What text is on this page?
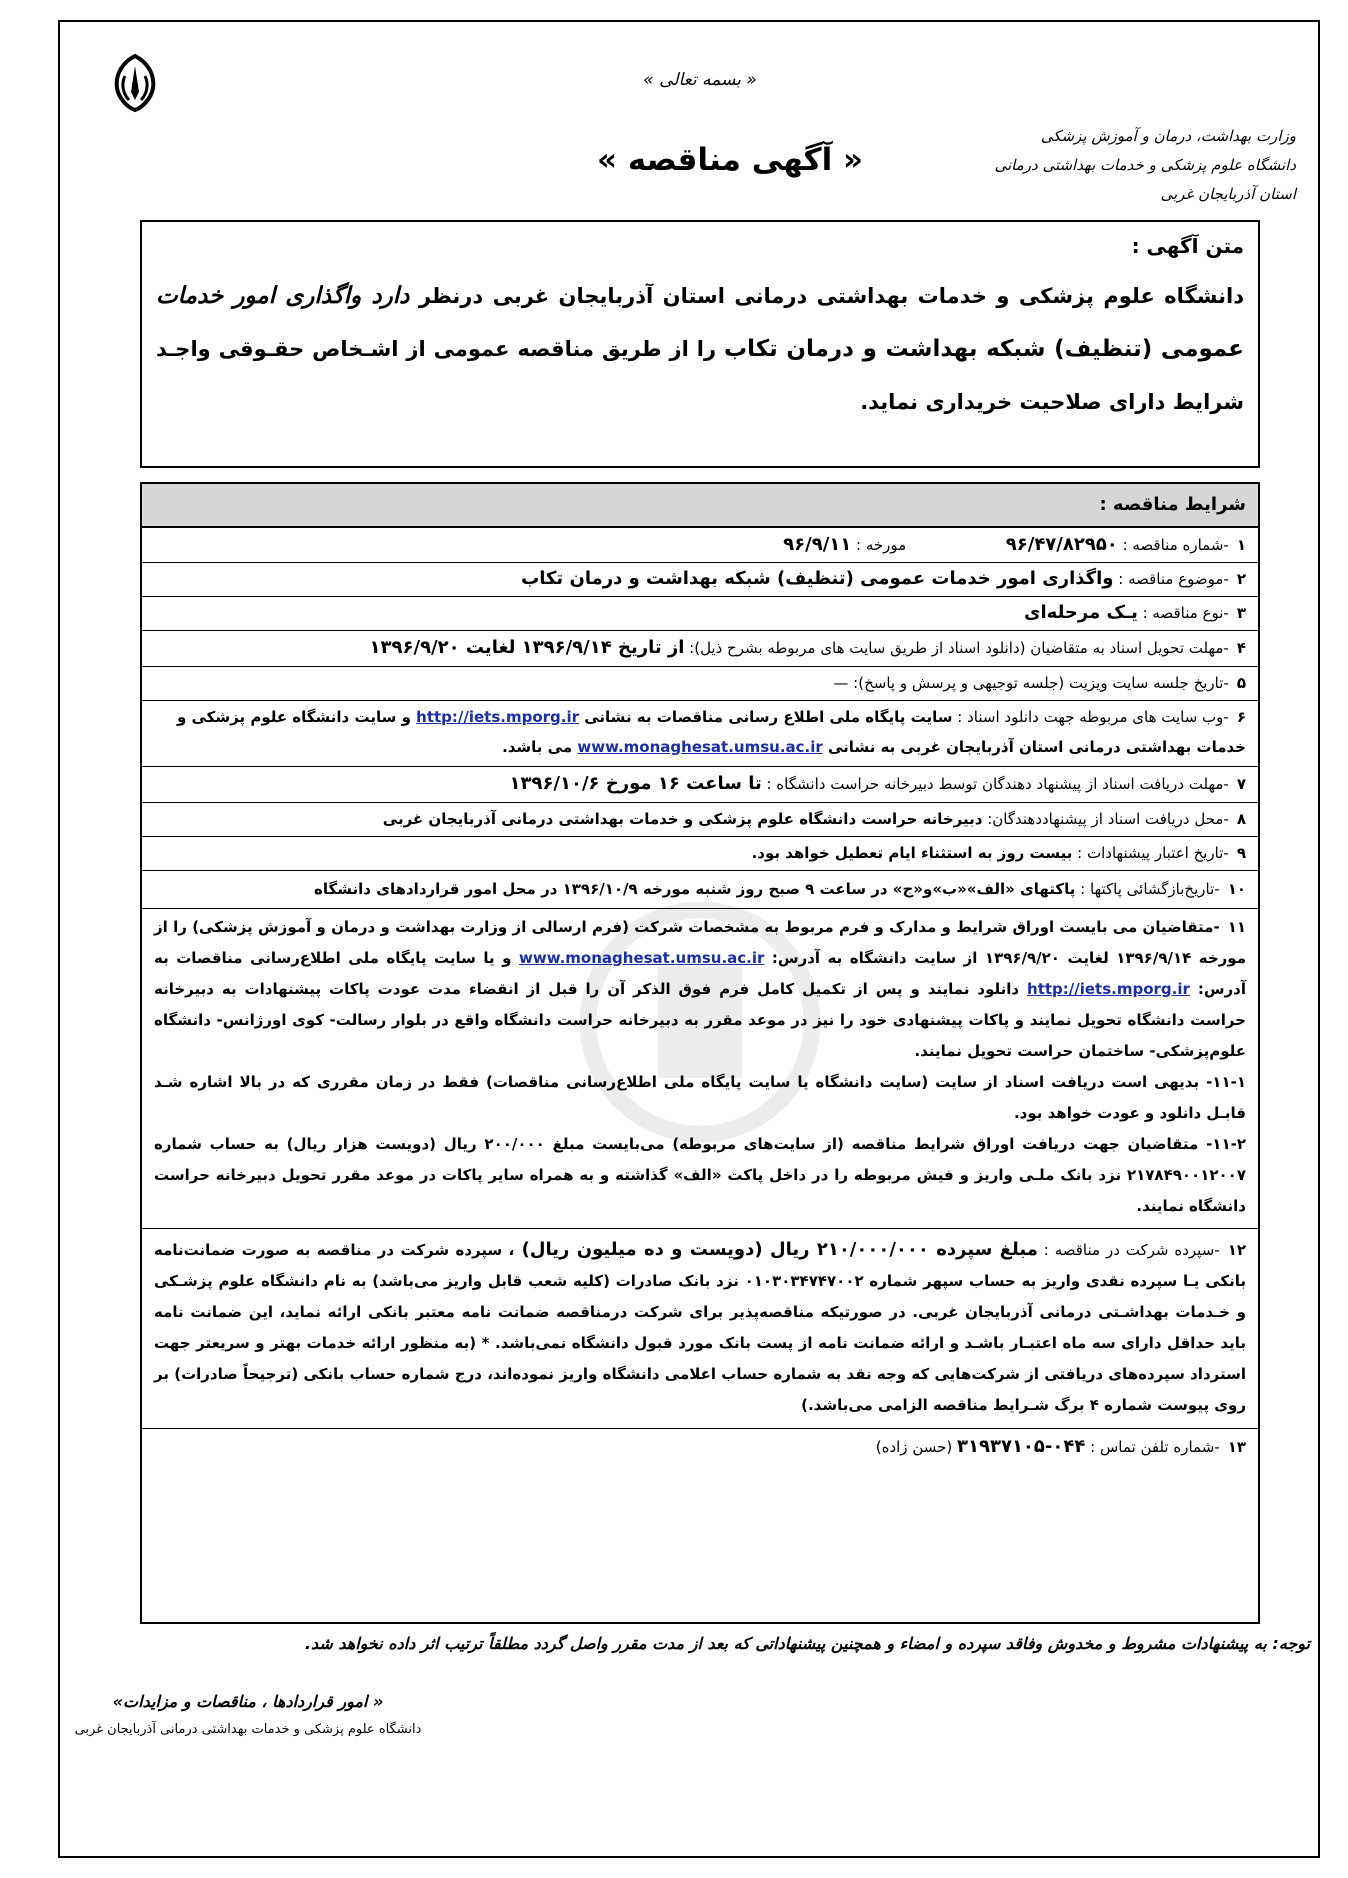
« بسمه تعالی »
« آگهی مناقصه »
وزارت بهداشت، درمان و آموزش پزشکی
دانشگاه علوم پزشکی و خدمات بهداشتی درمانی
استان آذربایجان غربی
متن آگهی :
دانشگاه علوم پزشکی و خدمات بهداشتی درمانی استان آذربایجان غربی درنظر دارد واگذاری امور خدمات عمومی (تنظیف) شبکه بهداشت و درمان تکاب را از طریق مناقصه عمومی از اشـخاص حقـوقی واجـد شرایط دارای صلاحیت خریداری نماید.
شرایط مناقصه :
۱-شماره مناقصه : ۹۶/۴۷/۸۲۹۵۰  مورخه : ۹۶/۹/۱۱
۲-موضوع مناقصه : واگذاری امور خدمات عمومی (تنظیف) شبکه بهداشت و درمان تکاب
۳-نوع مناقصه : یـک مرحله‌ای
۴-مهلت تحویل اسناد به متقاضیان (دانلود اسناد از طریق سایت های مربوطه بشرح ذیل): از تاریخ ۱۳۹۶/۹/۱۴ لغایت ۱۳۹۶/۹/۲۰
۵-تاریخ جلسه سایت ویزیت (جلسه توجیهی و پرسش و پاسخ): —
۶-وب سایت های مربوطه جهت دانلود اسناد : سایت پایگاه ملی اطلاع رسانی مناقصات به نشانی http://iets.mporg.ir و سایت دانشگاه علوم پزشکی و خدمات بهداشتی درمانی استان آذربایجان غربی به نشانی www.monaghesat.umsu.ac.ir می باشد.
۷-مهلت دریافت اسناد از پیشنهاد دهندگان توسط دبیرخانه حراست دانشگاه : تا ساعت ۱۶ مورخ ۱۳۹۶/۱۰/۶
۸-محل دریافت اسناد از پیشنهاددهندگان: دبیرخانه حراست دانشگاه علوم پزشکی و خدمات بهداشتی درمانی آذربایجان غربی
۹-تاریخ اعتبار پیشنهادات : بیست روز به استثناء ایام تعطیل خواهد بود.
۱۰-تاریخ‌بازگشائی پاکتها : پاکتهای «الف»«ب»و«ج» در ساعت ۹ صبح روز شنبه مورخه ۱۳۹۶/۱۰/۹ در محل امور قراردادهای دانشگاه
۱۱-متقاضیان می بایست اوراق شرایط و مدارک و فرم مربوط به مشخصات شرکت (فرم ارسالی از وزارت بهداشت و درمان و آموزش پزشکی) را از مورخه ۱۳۹۶/۹/۱۴ لغایت ۱۳۹۶/۹/۲۰ از سایت دانشگاه به آدرس: www.monaghesat.umsu.ac.ir و یا سایت پایگاه ملی اطلاع‌رسانی مناقصات به آدرس: http://iets.mporg.ir دانلود نمایند و پس از تکمیل کامل فرم فوق الذکر آن را قبل از انقضاء مدت عودت پاکات پیشنهادات به دبیرخانه حراست دانشگاه تحویل نمایند و پاکات پیشنهادی خود را نیز در موعد مقرر به دبیرخانه حراست دانشگاه واقع در بلوار رسالت- کوی اورژانس- دانشگاه علوم‌پزشکی- ساختمان حراست تحویل نمایند.
۱۱-۱- بدیهی است دریافت اسناد از سایت (سایت دانشگاه یا سایت پایگاه ملی اطلاع‌رسانی مناقصات) فقط در زمان مقرری که در بالا اشاره شـد قابـل دانلود و عودت خواهد بود.
۱۱-۲- متقاضیان جهت دریافت اوراق شرایط مناقصه (از سایت‌های مربوطه) می‌بایست مبلغ ۲۰۰/۰۰۰ ریال (دویست هزار ریال) به حساب شماره ۲۱۷۸۴۹۰۰۱۲۰۰۷ نزد بانک ملـی واریز و فیش مربوطه را در داخل پاکت «الف» گذاشته و به همراه سایر پاکات در موعد مقرر تحویل دبیرخانه حراست دانشگاه نمایند.
۱۲-سپرده شرکت در مناقصه : مبلغ سپرده ۲۱۰/۰۰۰/۰۰۰ ریال (دویست و ده میلیون ریال) ، سپرده شرکت در مناقصه به صورت ضمانت‌نامه بانکی یـا سپرده نقدی واریز به حساب سپهر شماره ۰۱۰۳۰۳۴۷۴۷۰۰۲ نزد بانک صادرات (کلیه شعب قابل واریز می‌باشد) به نام دانشگاه علوم پزشـکی و خـدمات بهداشـتی درمانی آذربایجان غربی. در صورتیکه مناقصه‌پذیر برای شرکت درمناقصه ضمانت نامه معتبر بانکی ارائه نماید، این ضمانت نامه باید حداقل دارای سه ماه اعتبـار باشـد و ارائه ضمانت نامه از پست بانک مورد قبول دانشگاه نمی‌باشد. * (به منظور ارائه خدمات بهتر و سریعتر جهت استرداد سپرده‌های دریافتی از شرکت‌هایی که وجه نقد به شماره حساب اعلامی دانشگاه واریز نموده‌اند، درج شماره حساب بانکی (ترجیحاً صادرات) بر روی پیوست شماره ۴ برگ شـرایط مناقصه الزامی می‌باشد.)
۱۳-شماره تلفن تماس : ۰۴۴-۳۱۹۳۷۱۰۵ (حسن زاده)
توجه: به پیشنهادات مشروط و مخدوش وفاقد سپرده و امضاء و همچنین پیشنهاداتی که بعد از مدت مقرر واصل گردد مطلقاً ترتیب اثر داده نخواهد شد.
« امور قراردادها ، مناقصات و مزایدات»
دانشگاه علوم پزشکی و خدمات بهداشتی درمانی آذربایجان غربی
